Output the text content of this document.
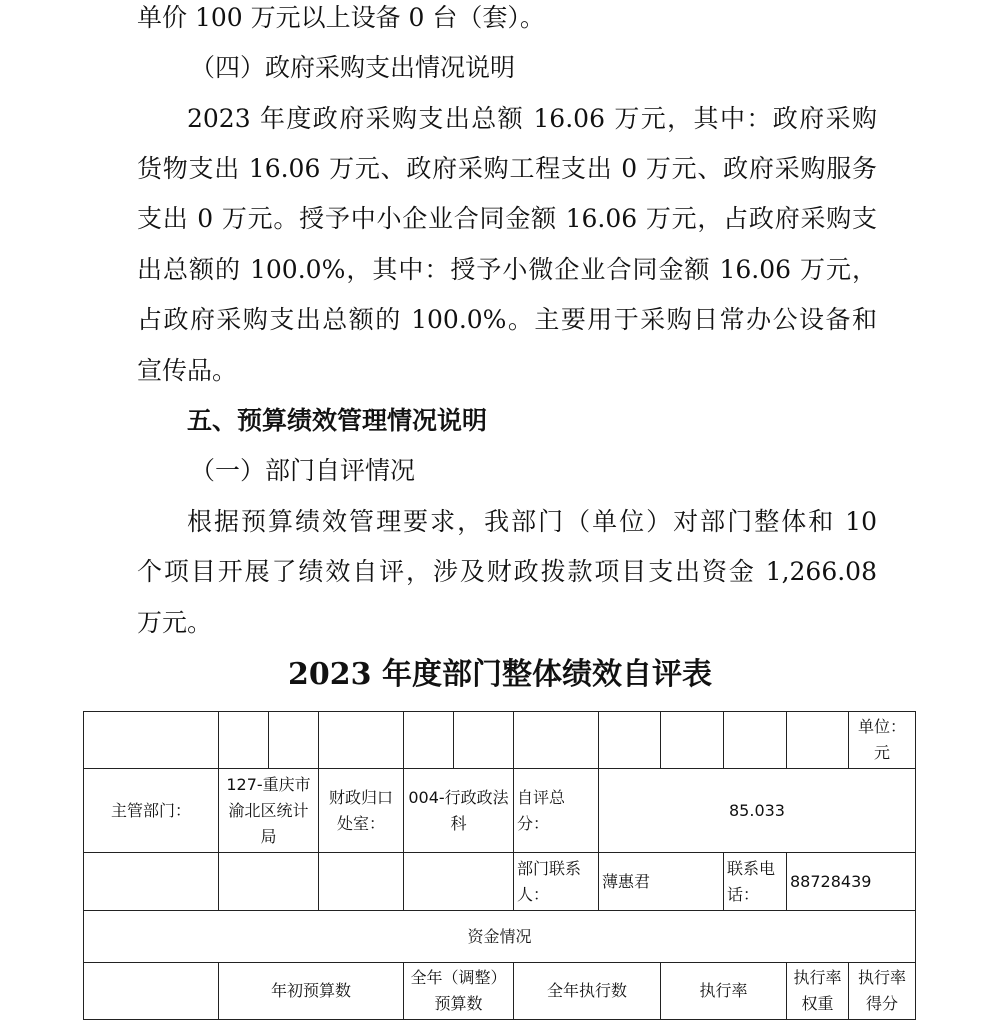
单价 100 万元以上设备 0 台（套）。
（四）政府采购支出情况说明
2023 年度政府采购支出总额 16.06 万元，其中：政府采购
货物支出 16.06 万元、政府采购工程支出 0 万元、政府采购服务
支出 0 万元。授予中小企业合同金额 16.06 万元，占政府采购支
出总额的 100.0%，其中：授予小微企业合同金额 16.06 万元，
占政府采购支出总额的 100.0%。主要用于采购日常办公设备和
宣传品。
五、预算绩效管理情况说明
（一）部门自评情况
根据预算绩效管理要求，我部门（单位）对部门整体和 10
个项目开展了绩效自评，涉及财政拨款项目支出资金 1,266.08
万元。
2023 年度部门整体绩效自评表
											单位：元
主管部门：	127-重庆市渝北区统计局		财政归口处室：	004-行政政法科		自评总分：	85.033				
						部门联系人：	薄惠君		联系电话：	88728439	
资金情况											
	年初预算数			全年（调整）预算数		全年执行数		执行率		执行率权重	执行率得分
